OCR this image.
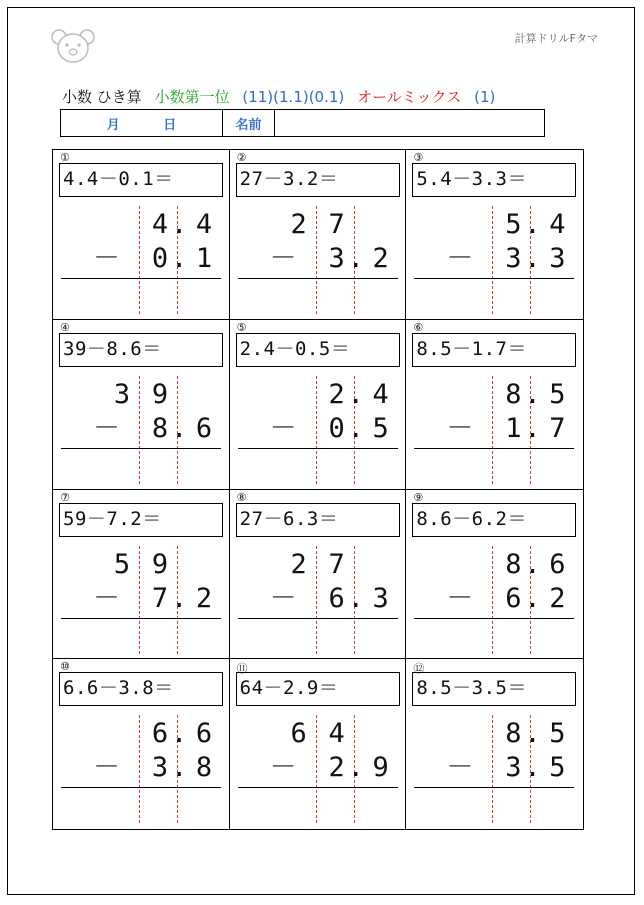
計算ドリルFタマ
小数 ひき算 小数第一位 (11)(1.1)(0.1) オールミックス (1)
月	日	名前
①
4.4－0.1＝
4 4
.
0 1
.
－
②
27－3.2＝
2 7
3 2
.
－
③
5.4－3.3＝
5 4
.
3 3
.
－
④
39－8.6＝
3 9
8 6
.
－
⑤
2.4－0.5＝
2 4
.
0 5
.
－
⑥
8.5－1.7＝
8 5
.
1 7
.
－
⑦
59－7.2＝
5 9
7 2
.
－
⑧
27－6.3＝
2 7
6 3
.
－
⑨
8.6－6.2＝
8 6
.
6 2
.
－
⑩
6.6－3.8＝
6 6
.
3 8
.
－
⑪
64－2.9＝
6 4
2 9
.
－
⑫
8.5－3.5＝
8 5
.
3 5
.
－
